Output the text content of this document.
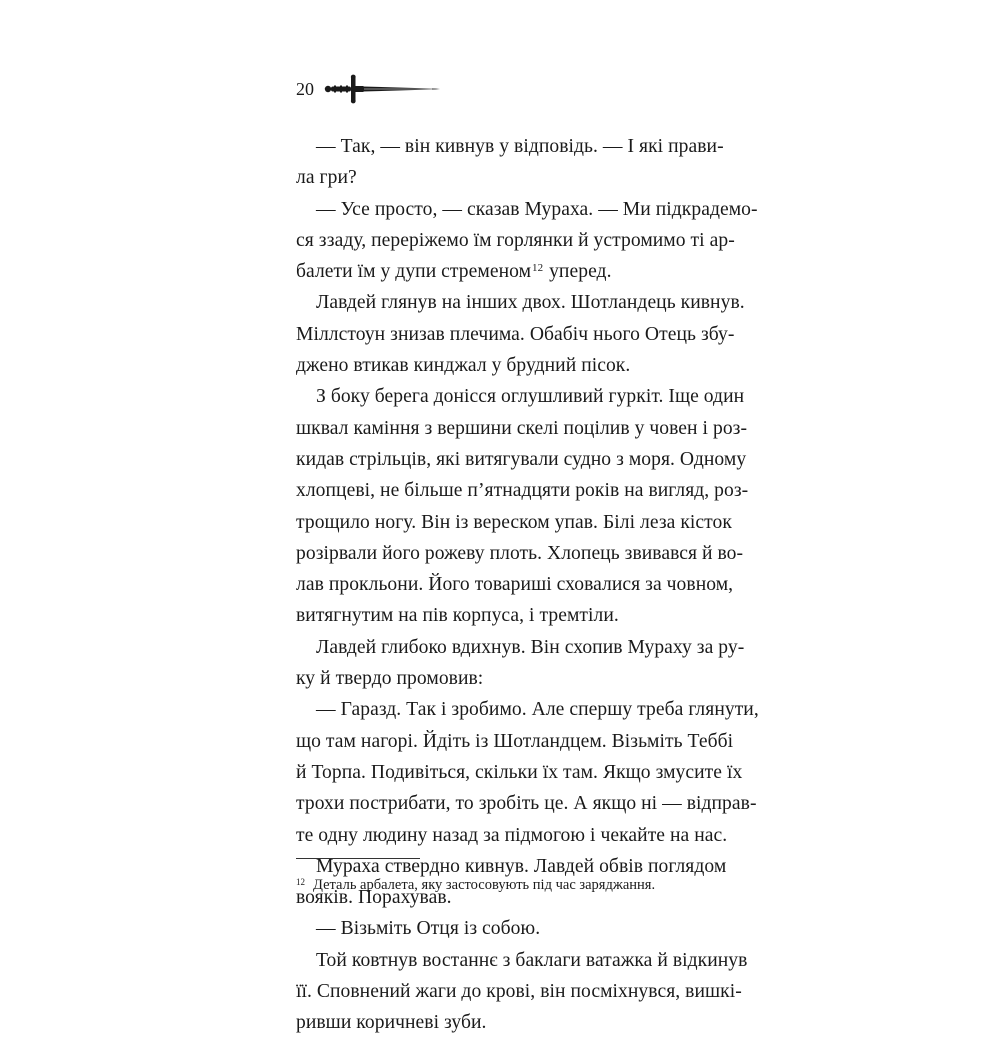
20
— Так, — він кивнув у відповідь. — І які прави-
ла гри?
— Усе просто, — сказав Мураха. — Ми підкрадемо-
ся ззаду, переріжемо їм горлянки й устромимо ті ар-
балети їм у дупи стременом$^{12}$ уперед.
Лавдей глянув на інших двох. Шотландець кивнув.
Міллстоун знизав плечима. Обабіч нього Отець збу-
джено втикав кинджал у брудний пісок.
З боку берега донісся оглушливий гуркіт. Іще один
шквал каміння з вершини скелі поцілив у човен і роз-
кидав стрільців, які витягували судно з моря. Одному
хлопцеві, не більше п’ятнадцяти років на вигляд, роз-
трощило ногу. Він із вереском упав. Білі леза кісток
розірвали його рожеву плоть. Хлопець звивався й во-
лав прокльони. Його товариші сховалися за човном,
витягнутим на пів корпуса, і тремтіли.
Лавдей глибоко вдихнув. Він схопив Мураху за ру-
ку й твердо промовив:
— Гаразд. Так і зробимо. Але спершу треба глянути,
що там нагорі. Йдіть із Шотландцем. Візьміть Теббі
й Торпа. Подивіться, скільки їх там. Якщо змусите їх
трохи пострибати, то зробіть це. А якщо ні — відправ-
те одну людину назад за підмогою і чекайте на нас.
Мураха ствердно кивнув. Лавдей обвів поглядом
вояків. Порахував.
— Візьміть Отця із собою.
Той ковтнув востаннє з баклаги ватажка й відкинув
її. Сповнений жаги до крові, він посміхнувся, вишкі-
ривши коричневі зуби.
$^{12}$ Деталь арбалета, яку застосовують під час заряджання.
